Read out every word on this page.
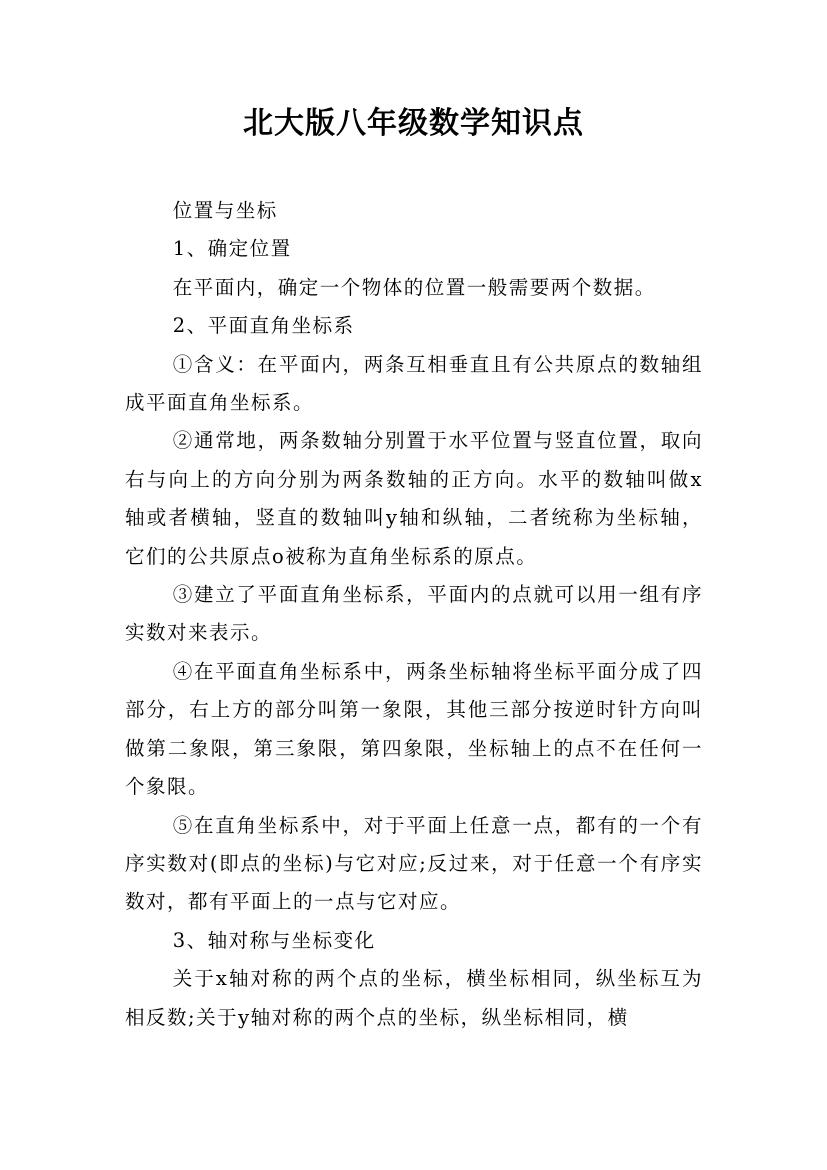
北大版八年级数学知识点

位置与坐标

1、确定位置

在平面内，确定一个物体的位置一般需要两个数据。

2、平面直角坐标系

①含义：在平面内，两条互相垂直且有公共原点的数轴组成平面直角坐标系。

②通常地，两条数轴分别置于水平位置与竖直位置，取向右与向上的方向分别为两条数轴的正方向。水平的数轴叫做x轴或者横轴，竖直的数轴叫y轴和纵轴，二者统称为坐标轴，它们的公共原点o被称为直角坐标系的原点。

③建立了平面直角坐标系，平面内的点就可以用一组有序实数对来表示。

④在平面直角坐标系中，两条坐标轴将坐标平面分成了四部分，右上方的部分叫第一象限，其他三部分按逆时针方向叫做第二象限，第三象限，第四象限，坐标轴上的点不在任何一个象限。

⑤在直角坐标系中，对于平面上任意一点，都有的一个有序实数对(即点的坐标)与它对应;反过来，对于任意一个有序实数对，都有平面上的一点与它对应。

3、轴对称与坐标变化

关于x轴对称的两个点的坐标，横坐标相同，纵坐标互为相反数;关于y轴对称的两个点的坐标，纵坐标相同，横
